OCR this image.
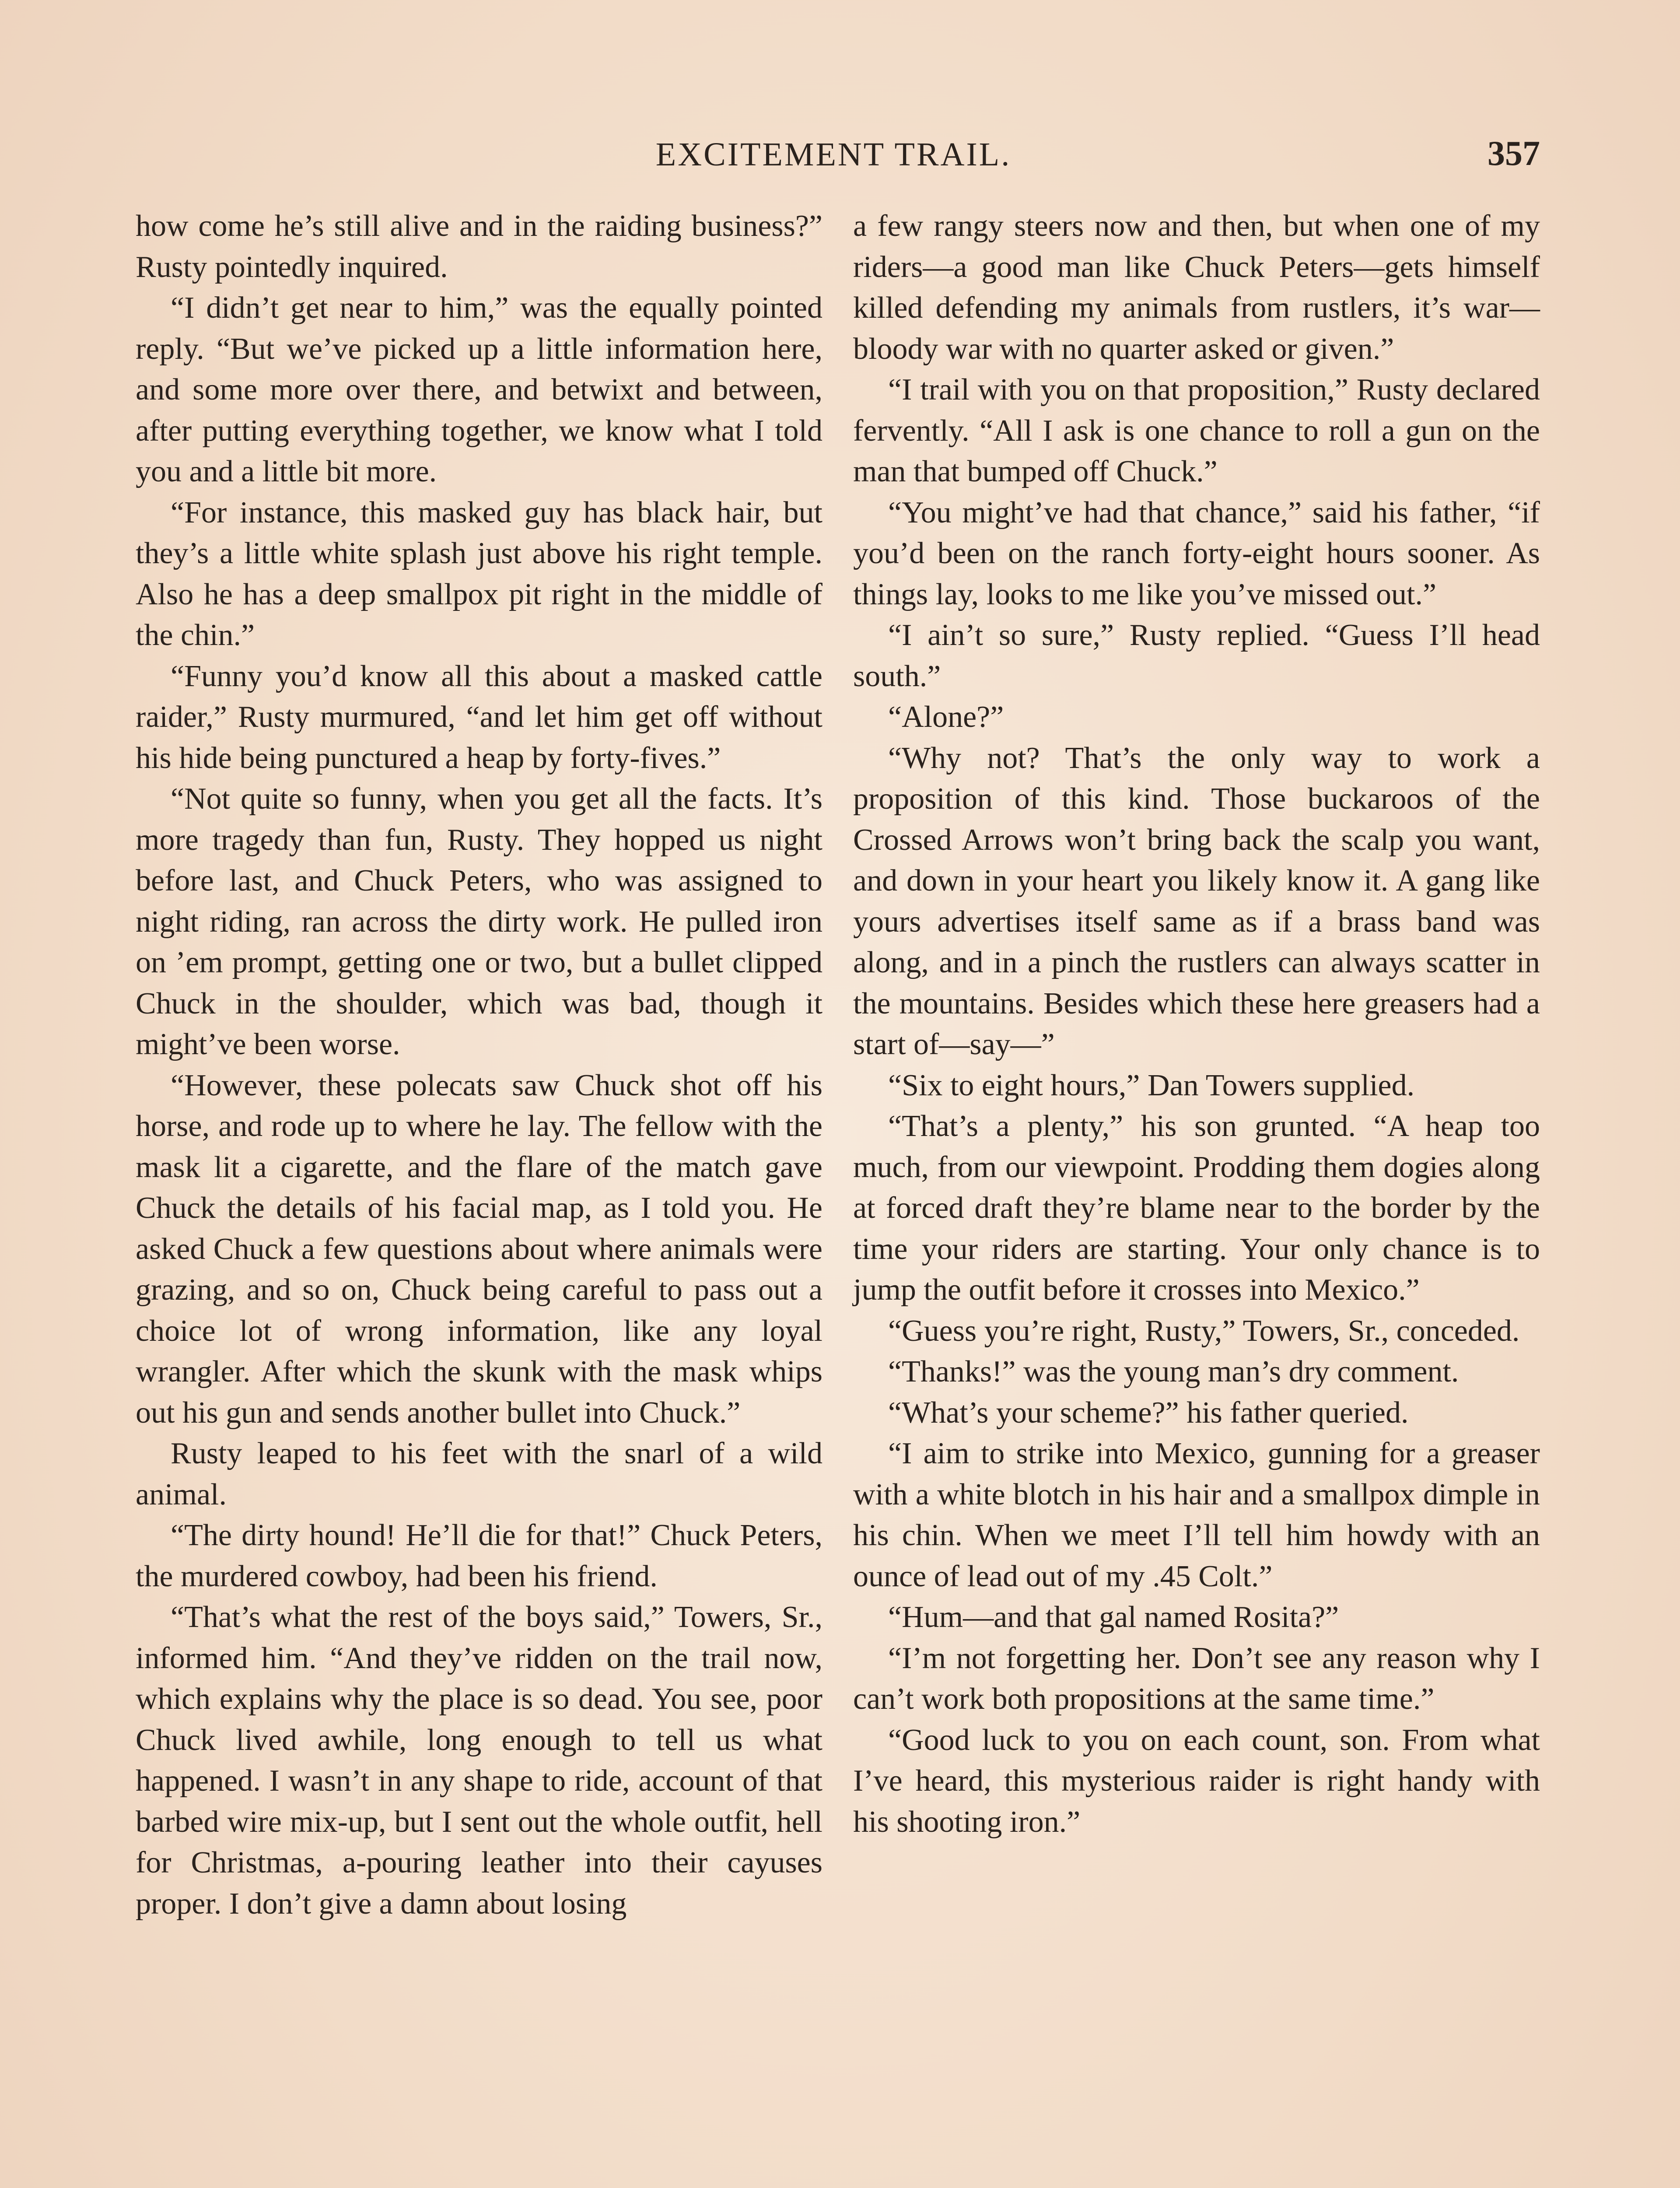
EXCITEMENT TRAIL.	357

how come he’s still alive and in the raiding business?” Rusty pointedly inquired.

“I didn’t get near to him,” was the equally pointed reply. “But we’ve picked up a little information here, and some more over there, and betwixt and between, after putting everything together, we know what I told you and a little bit more.

“For instance, this masked guy has black hair, but they’s a little white splash just above his right temple. Also he has a deep smallpox pit right in the middle of the chin.”

“Funny you’d know all this about a masked cattle raider,” Rusty murmured, “and let him get off without his hide being punctured a heap by forty-fives.”

“Not quite so funny, when you get all the facts. It’s more tragedy than fun, Rusty. They hopped us night before last, and Chuck Peters, who was assigned to night riding, ran across the dirty work. He pulled iron on ’em prompt, getting one or two, but a bullet clipped Chuck in the shoulder, which was bad, though it might’ve been worse.

“However, these polecats saw Chuck shot off his horse, and rode up to where he lay. The fellow with the mask lit a cigarette, and the flare of the match gave Chuck the details of his facial map, as I told you. He asked Chuck a few questions about where animals were grazing, and so on, Chuck being careful to pass out a choice lot of wrong information, like any loyal wrangler. After which the skunk with the mask whips out his gun and sends another bullet into Chuck.”

Rusty leaped to his feet with the snarl of a wild animal.

“The dirty hound! He’ll die for that!” Chuck Peters, the murdered cowboy, had been his friend.

“That’s what the rest of the boys said,” Towers, Sr., informed him. “And they’ve ridden on the trail now, which explains why the place is so dead. You see, poor Chuck lived awhile, long enough to tell us what happened. I wasn’t in any shape to ride, account of that barbed wire mix-up, but I sent out the whole outfit, hell for Christmas, a-pouring leather into their cayuses proper. I don’t give a damn about losing

a few rangy steers now and then, but when one of my riders—a good man like Chuck Peters—gets himself killed defending my animals from rustlers, it’s war—bloody war with no quarter asked or given.”

“I trail with you on that proposition,” Rusty declared fervently. “All I ask is one chance to roll a gun on the man that bumped off Chuck.”

“You might’ve had that chance,” said his father, “if you’d been on the ranch forty-eight hours sooner. As things lay, looks to me like you’ve missed out.”

“I ain’t so sure,” Rusty replied. “Guess I’ll head south.”

“Alone?”

“Why not? That’s the only way to work a proposition of this kind. Those buckaroos of the Crossed Arrows won’t bring back the scalp you want, and down in your heart you likely know it. A gang like yours advertises itself same as if a brass band was along, and in a pinch the rustlers can always scatter in the mountains. Besides which these here greasers had a start of—say—”

“Six to eight hours,” Dan Towers supplied.

“That’s a plenty,” his son grunted. “A heap too much, from our viewpoint. Prodding them dogies along at forced draft they’re blame near to the border by the time your riders are starting. Your only chance is to jump the outfit before it crosses into Mexico.”

“Guess you’re right, Rusty,” Towers, Sr., conceded.

“Thanks!” was the young man’s dry comment.

“What’s your scheme?” his father queried.

“I aim to strike into Mexico, gunning for a greaser with a white blotch in his hair and a smallpox dimple in his chin. When we meet I’ll tell him howdy with an ounce of lead out of my .45 Colt.”

“Hum—and that gal named Rosita?”

“I’m not forgetting her. Don’t see any reason why I can’t work both propositions at the same time.”

“Good luck to you on each count, son. From what I’ve heard, this mysterious raider is right handy with his shooting iron.”
